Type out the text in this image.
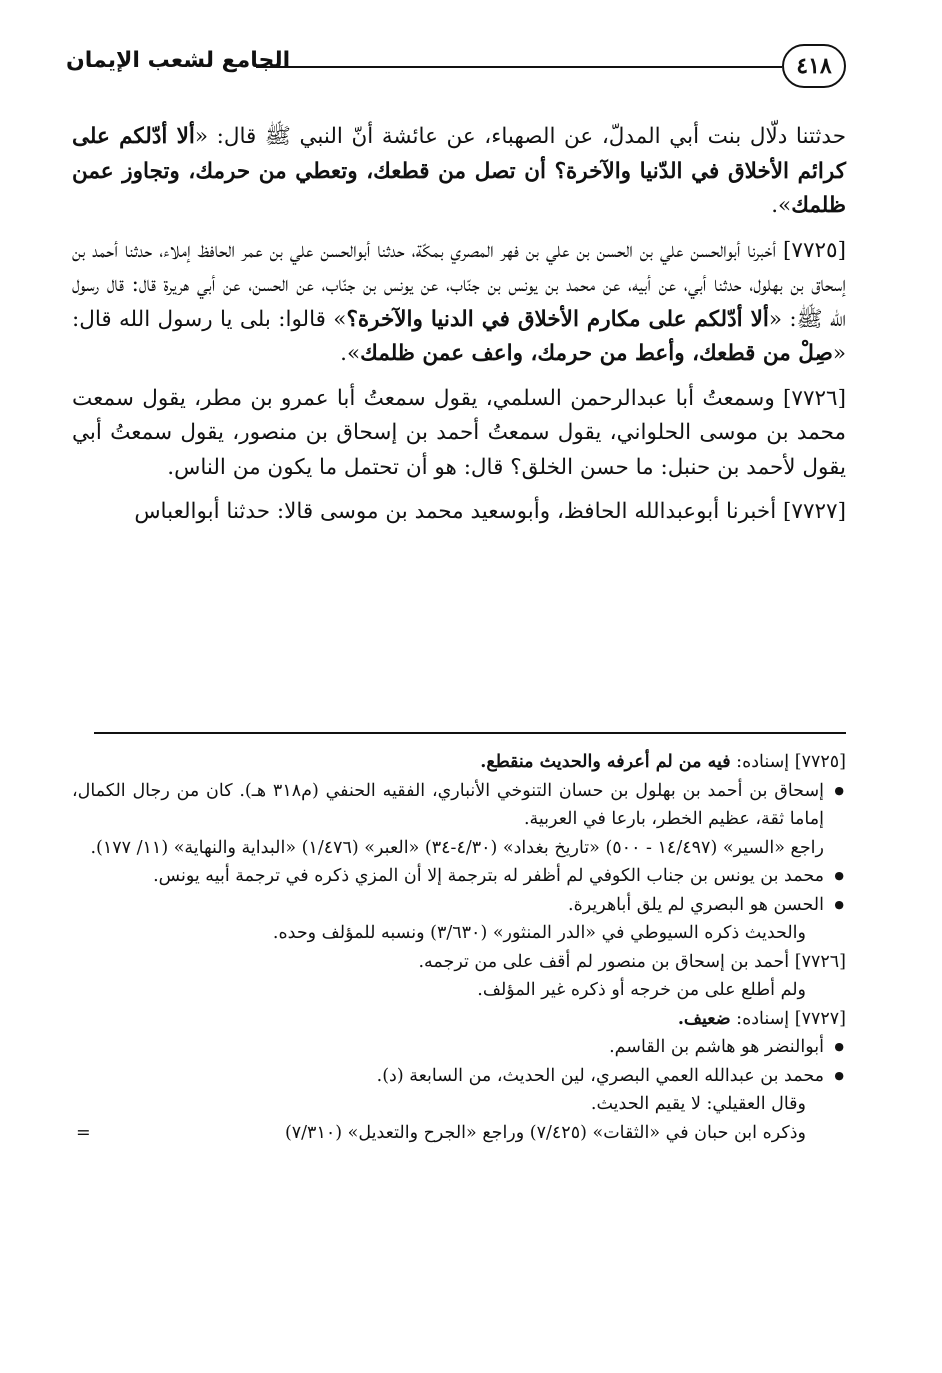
٤١٨
الجامع لشعب الإيمان

حدثتنا دلّال بنت أبي المدلّ، عن الصهباء، عن عائشة أنّ النبي ﷺ قال: «ألا أدّلكم على كرائم الأخلاق في الدّنيا والآخرة؟ أن تصل من قطعك، وتعطي من حرمك، وتجاوز عمن ظلمك».

[٧٧٢٥] أخبرنا أبوالحسن علي بن الحسن بن علي بن فهر المصري بمكّة، حدثنا أبوالحسن علي بن عمر الحافظ إملاء، حدثنا أحمد بن إسحاق بن بهلول، حدثنا أبي، عن أبيه، عن محمد بن يونس بن جنّاب، عن يونس بن جنّاب، عن الحسن، عن أبي هريرة قال: قال رسول الله ﷺ: «ألا أدّلكم على مكارم الأخلاق في الدنيا والآخرة؟» قالوا: بلى يا رسول الله قال: «صِلْ من قطعك، وأعط من حرمك، واعف عمن ظلمك».

[٧٧٢٦] وسمعتُ أبا عبدالرحمن السلمي، يقول سمعتُ أبا عمرو بن مطر، يقول سمعت محمد بن موسى الحلواني، يقول سمعتُ أحمد بن إسحاق بن منصور، يقول سمعتُ أبي يقول لأحمد بن حنبل: ما حسن الخلق؟ قال: هو أن تحتمل ما يكون من الناس.

[٧٧٢٧] أخبرنا أبوعبدالله الحافظ، وأبوسعيد محمد بن موسى قالا: حدثنا أبوالعباس

[٧٧٢٥] إسناده: فيه من لم أعرفه والحديث منقطع.

● إسحاق بن أحمد بن بهلول بن حسان التنوخي الأنباري، الفقيه الحنفي (م٣١٨ هـ). كان من رجال الكمال، إماما ثقة، عظيم الخطر، بارعا في العربية.

راجع «السير» (١٤/٤٩٧ - ٥٠٠) «تاريخ بغداد» (٤/٣٠-٣٤) «العبر» (١/٤٧٦) «البداية والنهاية» (١١/ ١٧٧).

● محمد بن يونس بن جناب الكوفي لم أظفر له بترجمة إلا أن المزي ذكره في ترجمة أبيه يونس.

● الحسن هو البصري لم يلق أباهريرة.

والحديث ذكره السيوطي في «الدر المنثور» (٣/٦٣٠) ونسبه للمؤلف وحده.

[٧٧٢٦] أحمد بن إسحاق بن منصور لم أقف على من ترجمه.

ولم أطلع على من خرجه أو ذكره غير المؤلف.

[٧٧٢٧] إسناده: ضعيف.

● أبوالنضر هو هاشم بن القاسم.

● محمد بن عبدالله العمي البصري، لين الحديث، من السابعة (د).

وقال العقيلي: لا يقيم الحديث.

وذكره ابن حبان في «الثقات» (٧/٤٢٥) وراجع «الجرح والتعديل» (٧/٣١٠)
=
